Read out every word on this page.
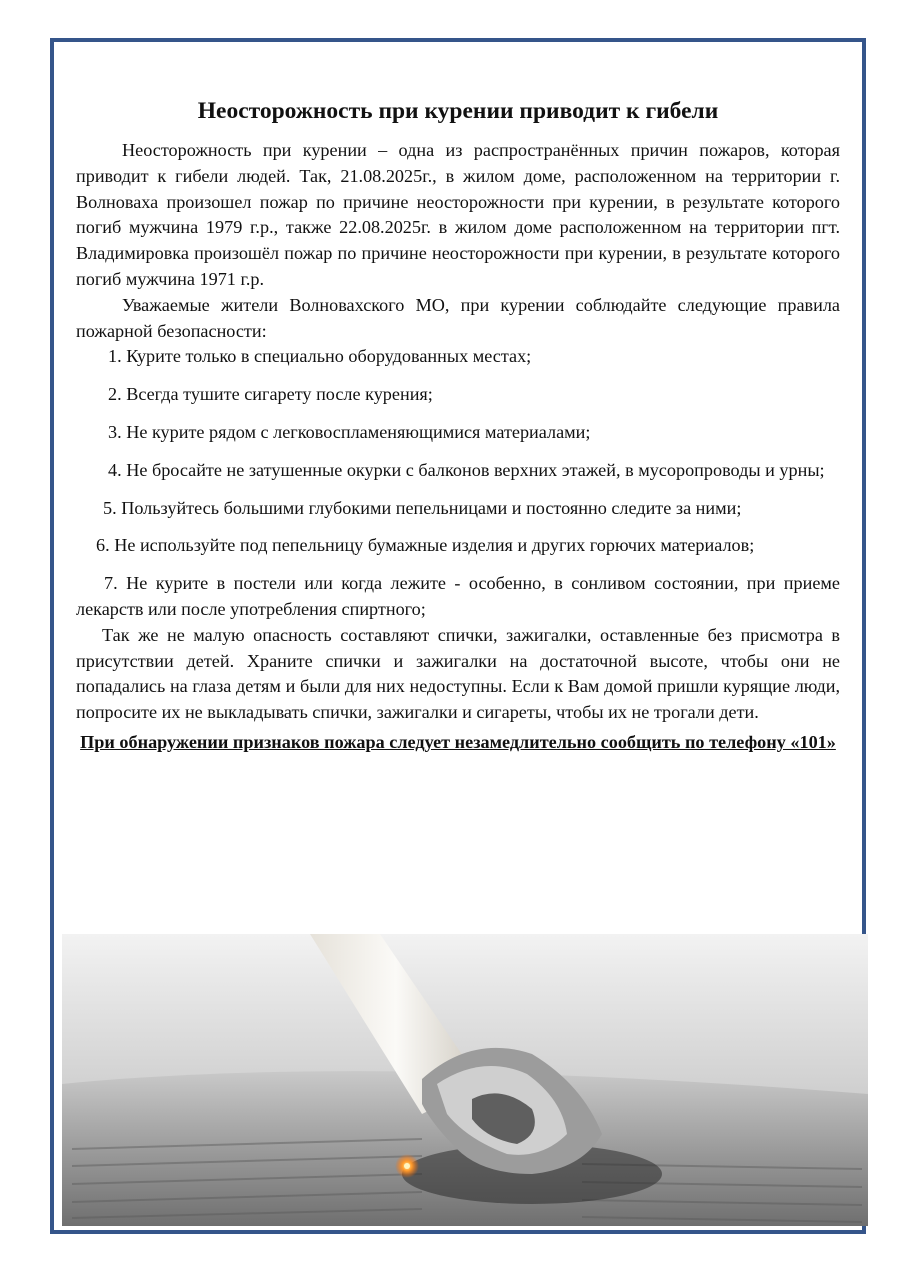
Неосторожность при курении приводит к гибели

Неосторожность при курении – одна из распространённых причин пожаров, которая приводит к гибели людей. Так, 21.08.2025г., в жилом доме, расположенном на территории г. Волноваха произошел пожар по причине неосторожности при курении, в результате которого погиб мужчина 1979 г.р., также 22.08.2025г. в жилом доме расположенном на территории пгт. Владимировка произошёл пожар по причине неосторожности при курении, в результате которого погиб мужчина 1971 г.р.

Уважаемые жители Волновахского МО, при курении соблюдайте следующие правила пожарной безопасности:

1. Курите только в специально оборудованных местах;

2. Всегда тушите сигарету после курения;

3. Не курите рядом с легковоспламеняющимися материалами;

4. Не бросайте не затушенные окурки с балконов верхних этажей, в мусоропроводы и урны;

5. Пользуйтесь большими глубокими пепельницами и постоянно следите за ними;

6. Не используйте под пепельницу бумажные изделия и других горючих материалов;

7. Не курите в постели или когда лежите - особенно, в сонливом состоянии, при приеме лекарств или после употребления спиртного;

Так же не малую опасность составляют спички, зажигалки, оставленные без присмотра в присутствии детей. Храните спички и зажигалки на достаточной высоте, чтобы они не попадались на глаза детям и были для них недоступны. Если к Вам домой пришли курящие люди, попросите их не выкладывать спички, зажигалки и сигареты, чтобы их не трогали дети.

При обнаружении признаков пожара следует незамедлительно сообщить по телефону «101»
